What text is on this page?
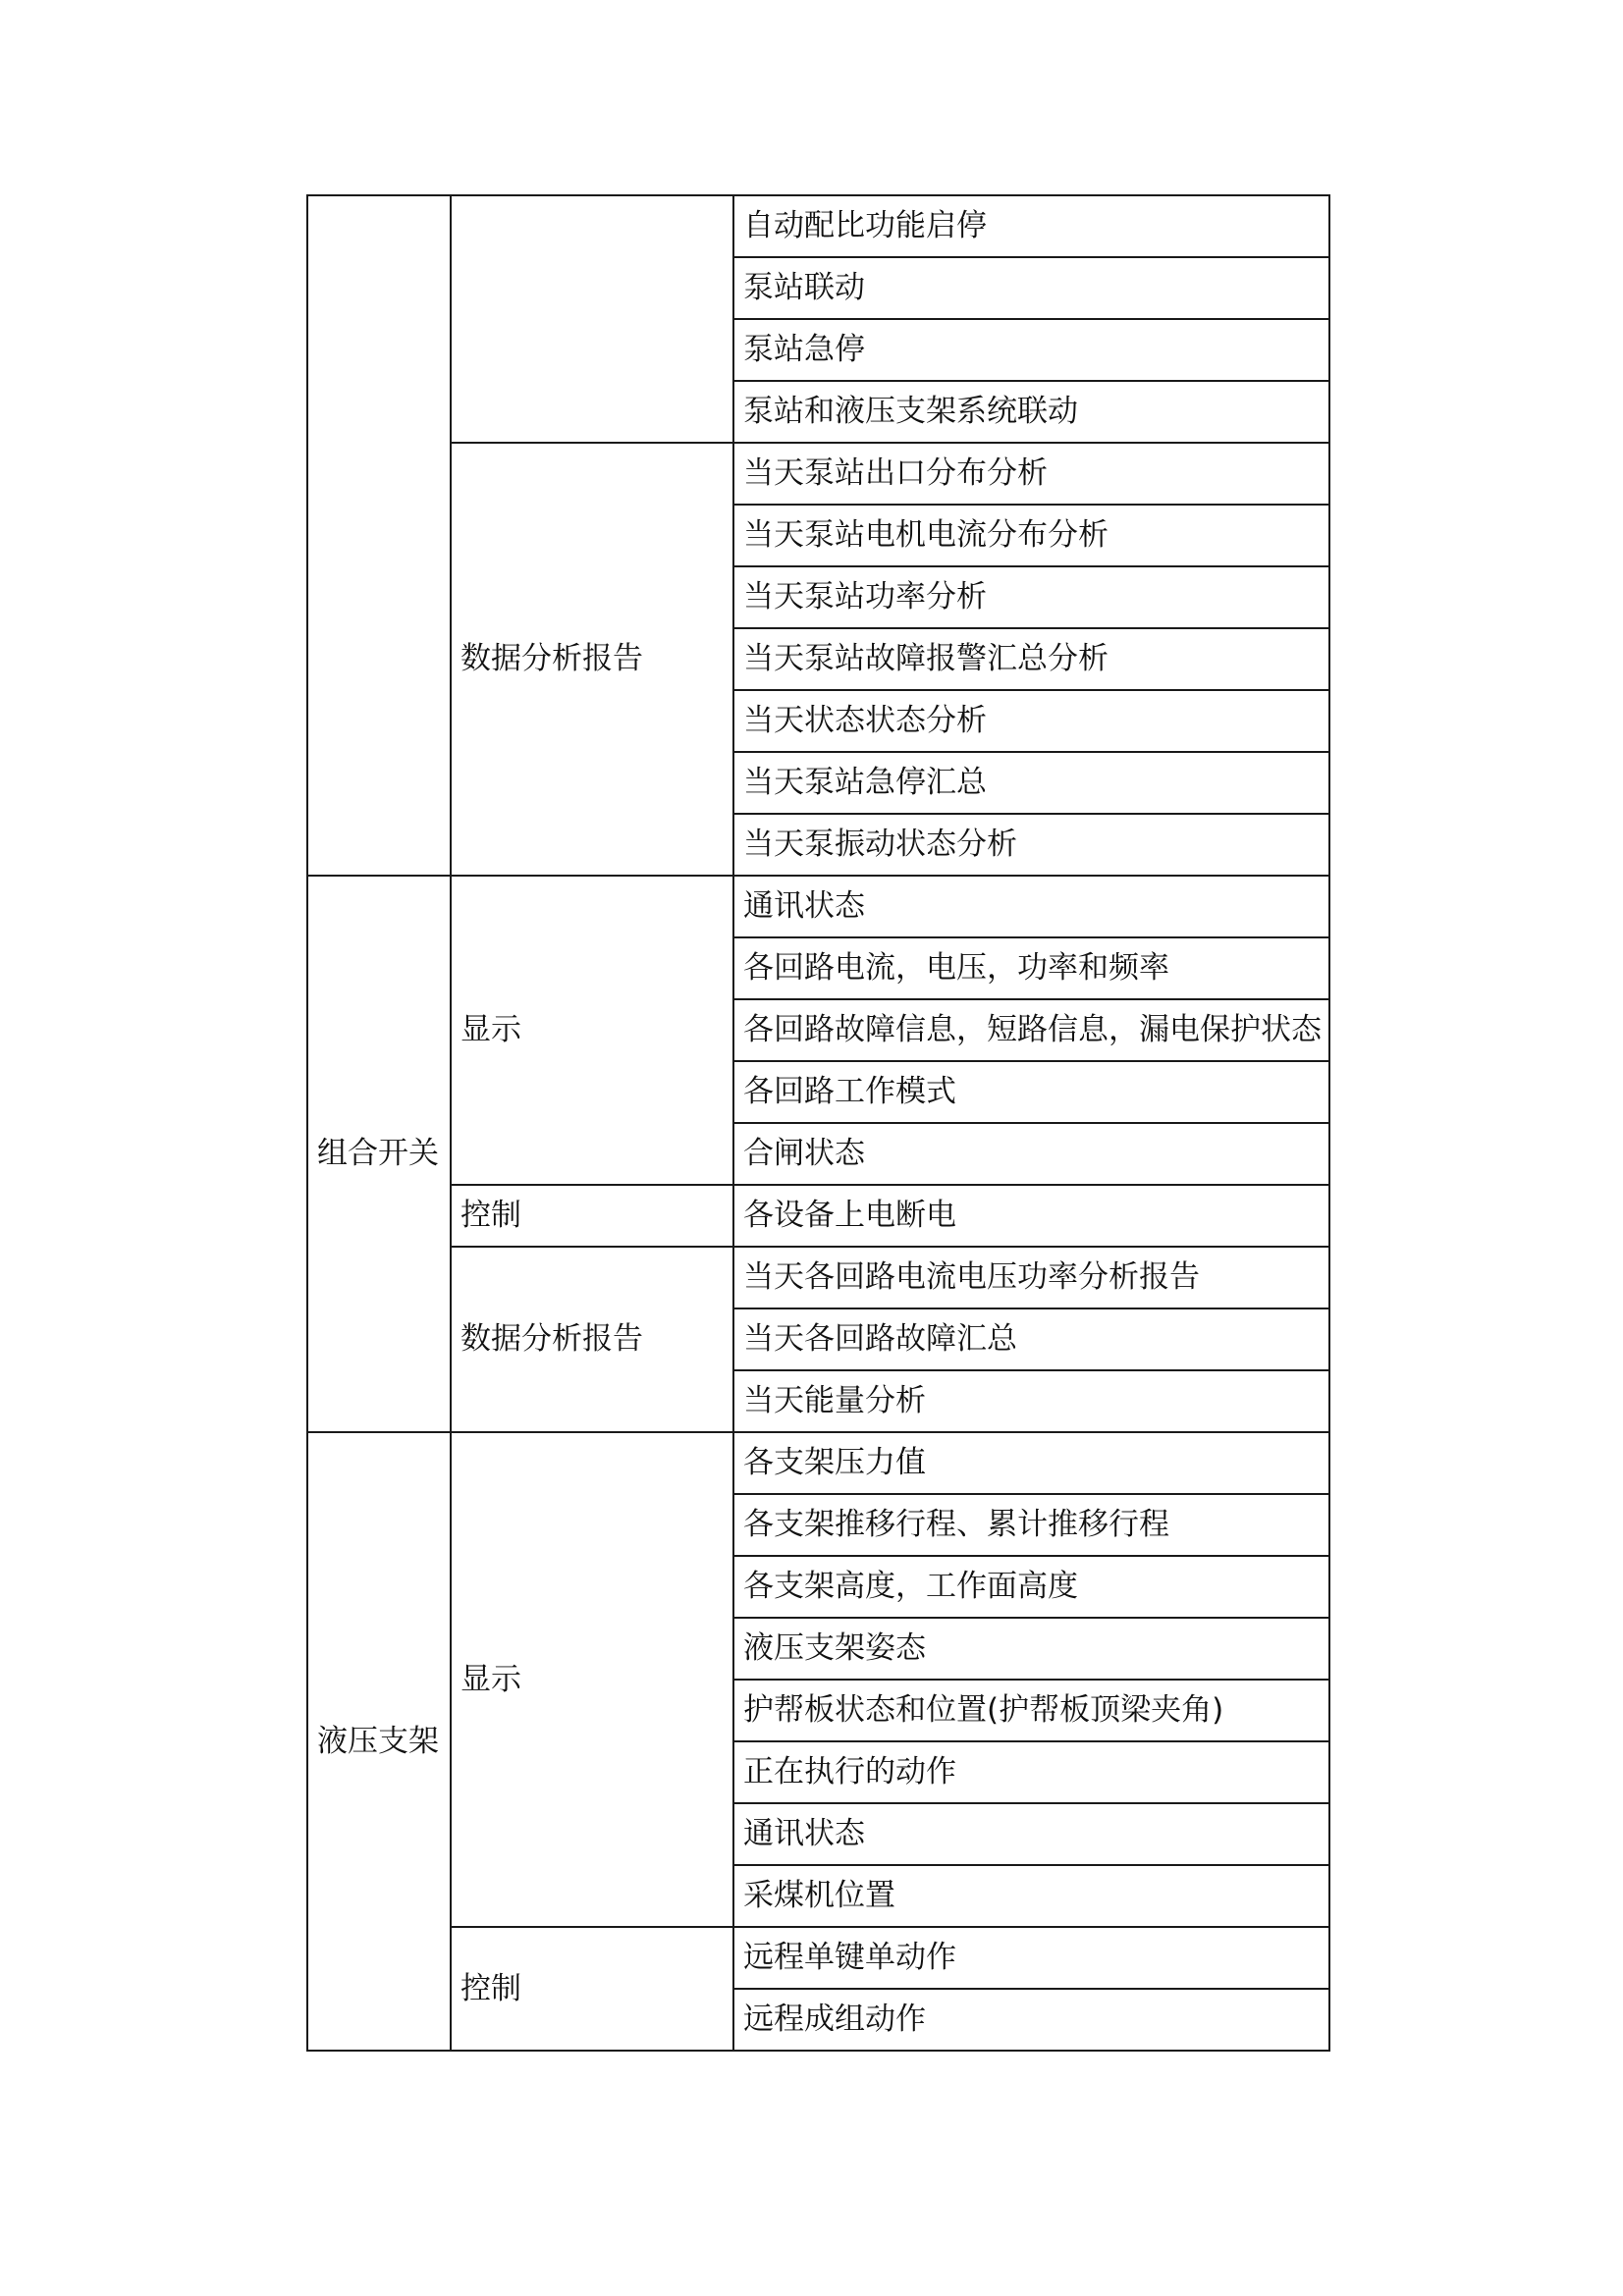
		自动配比功能启停
		泵站联动
		泵站急停
		泵站和液压支架系统联动
	数据分析报告	当天泵站出口分布分析
		当天泵站电机电流分布分析
		当天泵站功率分析
		当天泵站故障报警汇总分析
		当天状态状态分析
		当天泵站急停汇总
		当天泵振动状态分析
组合开关	显示	通讯状态
		各回路电流，电压，功率和频率
		各回路故障信息，短路信息，漏电保护状态
		各回路工作模式
		合闸状态
	控制	各设备上电断电
	数据分析报告	当天各回路电流电压功率分析报告
		当天各回路故障汇总
		当天能量分析
液压支架	显示	各支架压力值
		各支架推移行程、累计推移行程
		各支架高度，工作面高度
		液压支架姿态
		护帮板状态和位置(护帮板顶梁夹角)
		正在执行的动作
		通讯状态
		采煤机位置
	控制	远程单键单动作
		远程成组动作
